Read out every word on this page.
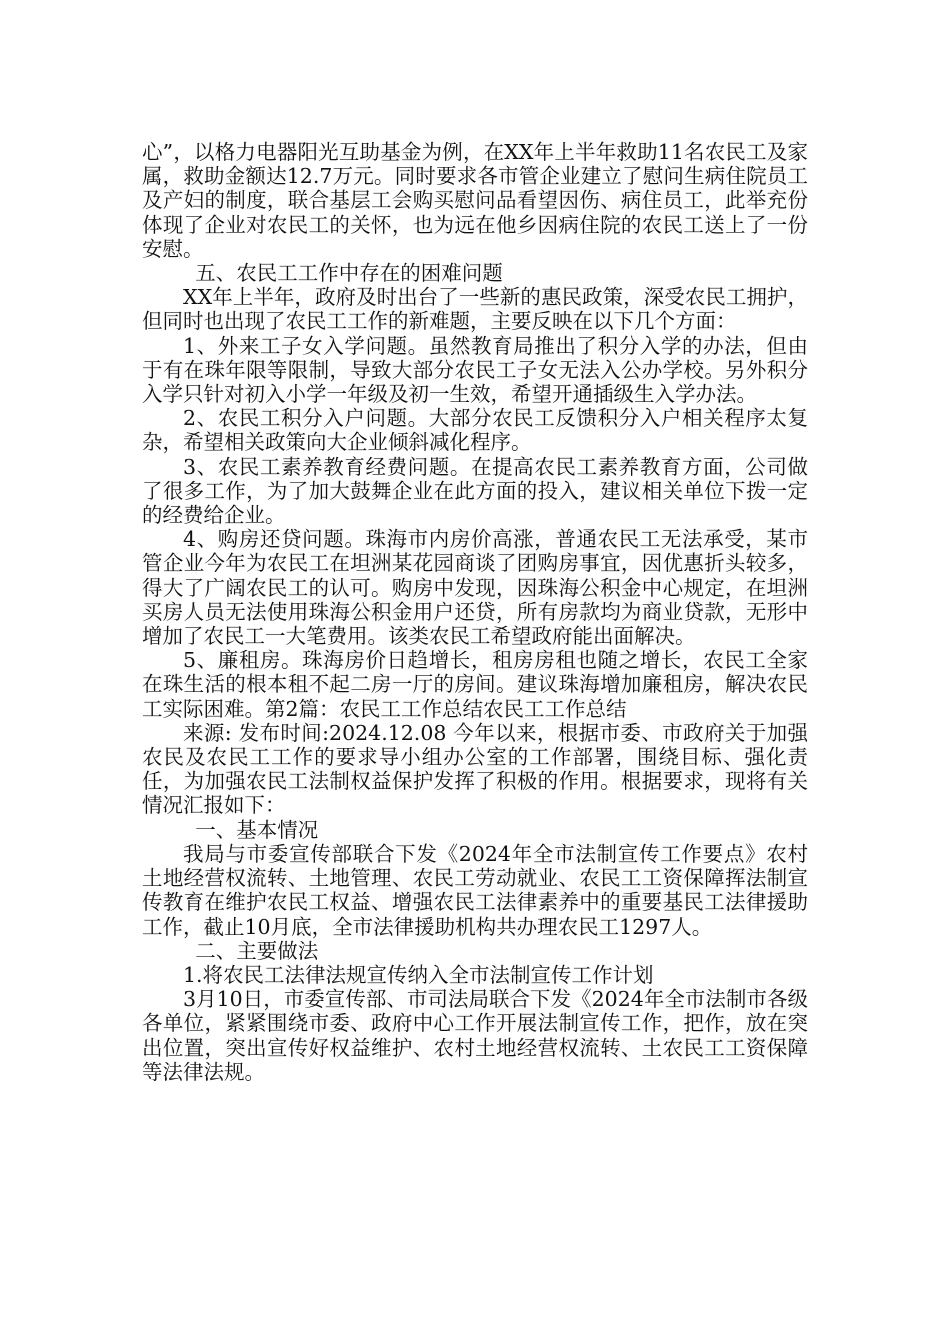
心”，以格力电器阳光互助基金为例，在XX年上半年救助11名农民工及家属，救助金额达12.7万元。同时要求各市管企业建立了慰问生病住院员工及产妇的制度，联合基层工会购买慰问品看望因伤、病住员工，此举充份体现了企业对农民工的关怀，也为远在他乡因病住院的农民工送上了一份安慰。

五、农民工工作中存在的困难问题

XX年上半年，政府及时出台了一些新的惠民政策，深受农民工拥护，但同时也出现了农民工工作的新难题，主要反映在以下几个方面：

1、外来工子女入学问题。虽然教育局推出了积分入学的办法，但由于有在珠年限等限制，导致大部分农民工子女无法入公办学校。另外积分入学只针对初入小学一年级及初一生效，希望开通插级生入学办法。

2、农民工积分入户问题。大部分农民工反馈积分入户相关程序太复杂，希望相关政策向大企业倾斜减化程序。

3、农民工素养教育经费问题。在提高农民工素养教育方面，公司做了很多工作，为了加大鼓舞企业在此方面的投入，建议相关单位下拨一定的经费给企业。

4、购房还贷问题。珠海市内房价高涨，普通农民工无法承受，某市管企业今年为农民工在坦洲某花园商谈了团购房事宜，因优惠折头较多，得大了广阔农民工的认可。购房中发现，因珠海公积金中心规定，在坦洲买房人员无法使用珠海公积金用户还贷，所有房款均为商业贷款，无形中增加了农民工一大笔费用。该类农民工希望政府能出面解决。

5、廉租房。珠海房价日趋增长，租房房租也随之增长，农民工全家在珠生活的根本租不起二房一厅的房间。建议珠海增加廉租房，解决农民工实际困难。第2篇：农民工工作总结农民工工作总结

来源: 发布时间:2024.12.08 今年以来，根据市委、市政府关于加强农民及农民工工作的要求导小组办公室的工作部署，围绕目标、强化责任，为加强农民工法制权益保护发挥了积极的作用。根据要求，现将有关情况汇报如下：

一、基本情况

我局与市委宣传部联合下发《2024年全市法制宣传工作要点》农村土地经营权流转、土地管理、农民工劳动就业、农民工工资保障挥法制宣传教育在维护农民工权益、增强农民工法律素养中的重要基民工法律援助工作，截止10月底，全市法律援助机构共办理农民工1297人。

二、主要做法

1.将农民工法律法规宣传纳入全市法制宣传工作计划

3月10日，市委宣传部、市司法局联合下发《2024年全市法制市各级各单位，紧紧围绕市委、政府中心工作开展法制宣传工作，把作，放在突出位置，突出宣传好权益维护、农村土地经营权流转、土农民工工资保障等法律法规。
